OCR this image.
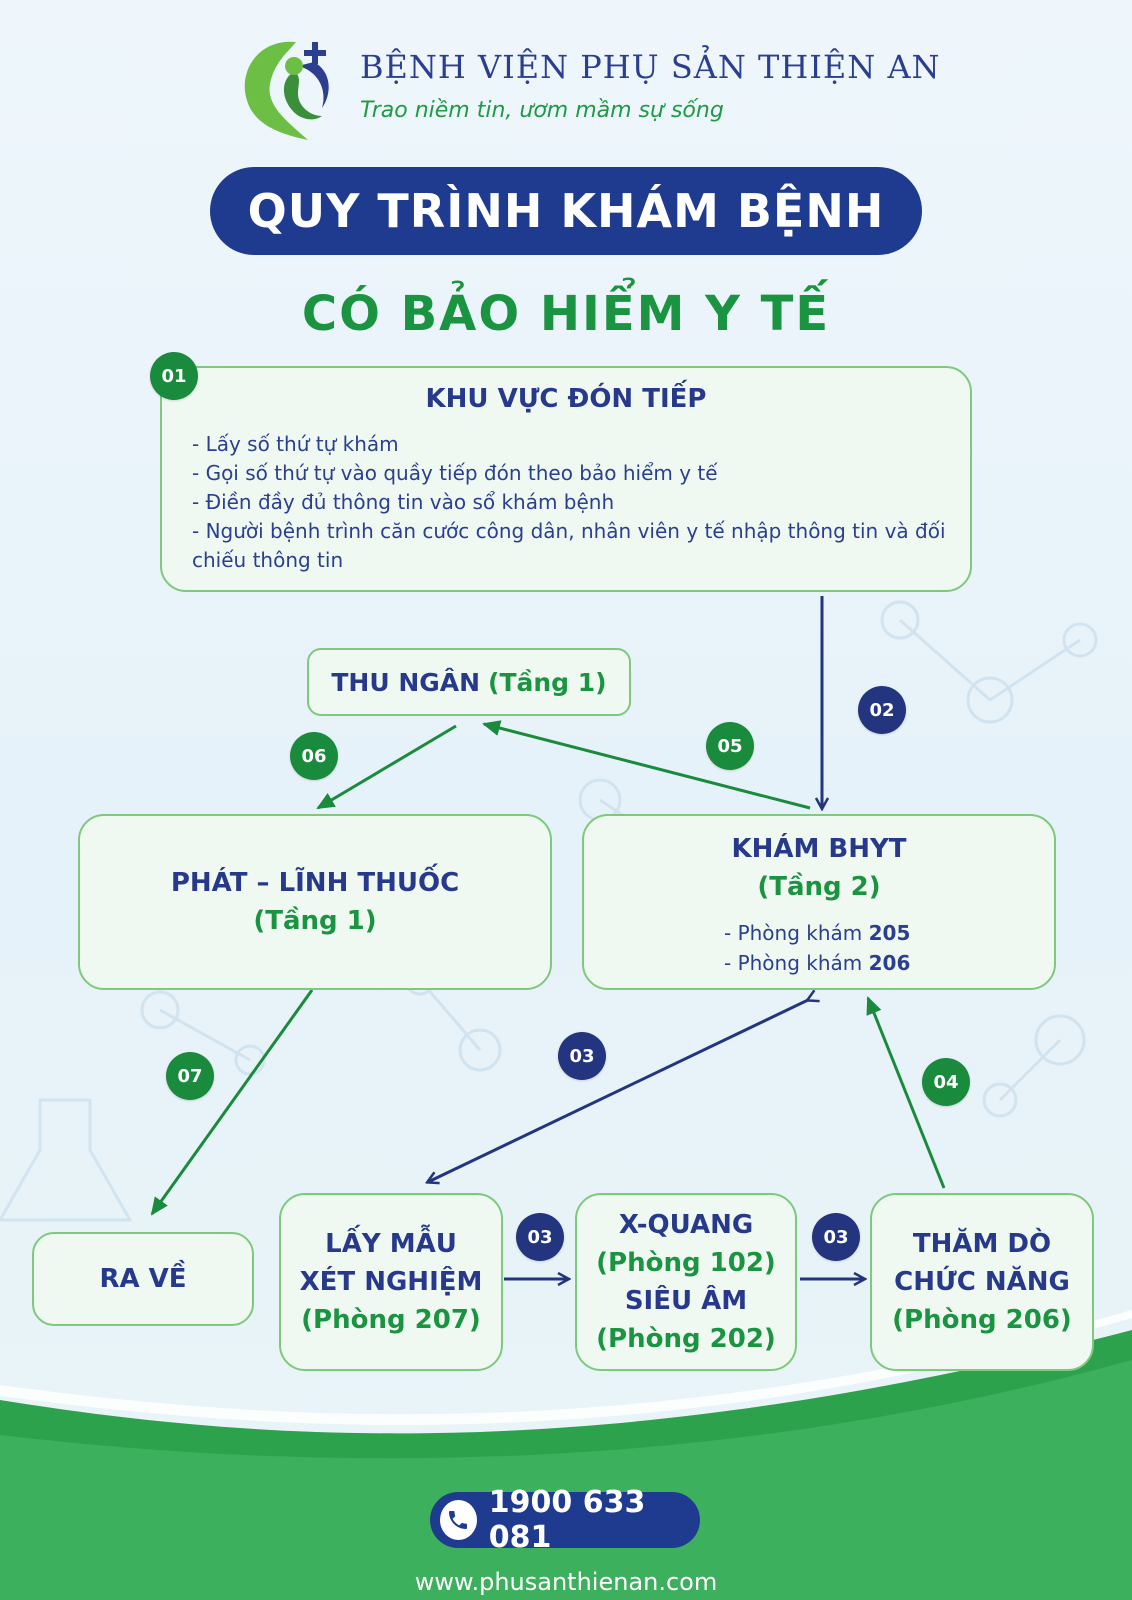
BỆNH VIỆN PHỤ SẢN THIỆN AN
Trao niềm tin, ươm mầm sự sống
QUY TRÌNH KHÁM BỆNH
CÓ BẢO HIỂM Y TẾ
KHU VỰC ĐÓN TIẾP
- Lấy số thứ tự khám
- Gọi số thứ tự vào quầy tiếp đón theo bảo hiểm y tế
- Điền đầy đủ thông tin vào sổ khám bệnh
- Người bệnh trình căn cước công dân, nhân viên y tế nhập thông tin và đối chiếu thông tin
THU NGÂN
(Tầng 1)
PHÁT – LĨNH THUỐC
(Tầng 1)
KHÁM BHYT
(Tầng 2)
- Phòng khám 205
- Phòng khám 206
RA VỀ
LẤY MẪU
XÉT NGHIỆM
(Phòng 207)
X-QUANG
(Phòng 102)
SIÊU ÂM
(Phòng 202)
THĂM DÒ
CHỨC NĂNG
(Phòng 206)
01
02
03
03	03
04
05
06
07
1900 633 081
www.phusanthienan.com
